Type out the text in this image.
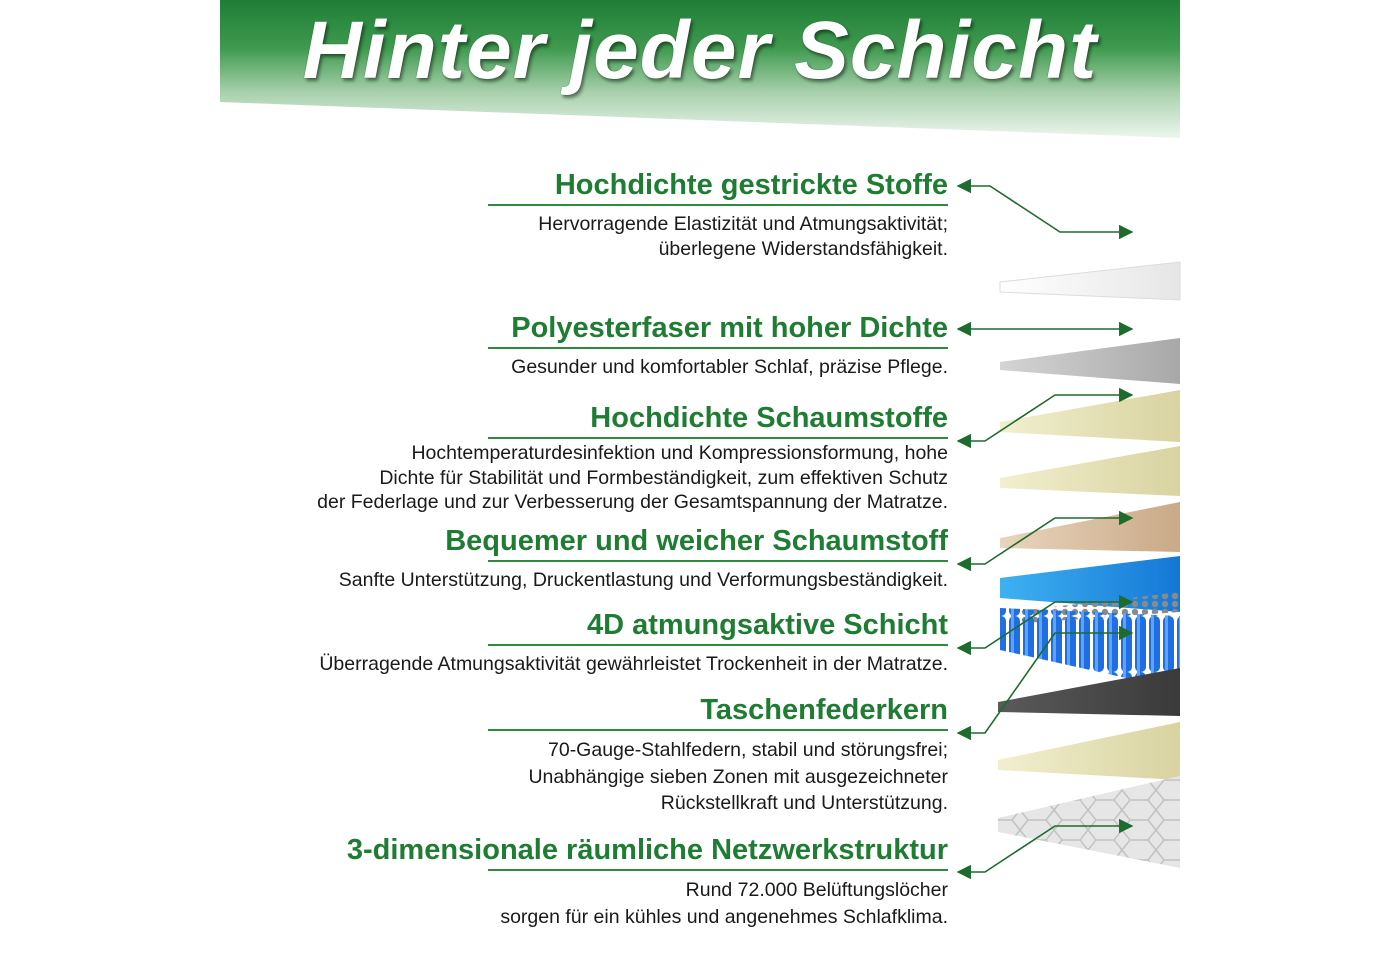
Hinter jeder Schicht
Hochdichte gestrickte Stoffe
Hervorragende Elastizität und Atmungsaktivität;
überlegene Widerstandsfähigkeit.
Polyesterfaser mit hoher Dichte
Gesunder und komfortabler Schlaf, präzise Pflege.
Hochdichte Schaumstoffe
Hochtemperaturdesinfektion und Kompressionsformung, hohe
Dichte für Stabilität und Formbeständigkeit, zum effektiven Schutz
der Federlage und zur Verbesserung der Gesamtspannung der Matratze.
Bequemer und weicher Schaumstoff
Sanfte Unterstützung, Druckentlastung und Verformungsbeständigkeit.
4D atmungsaktive Schicht
Überragende Atmungsaktivität gewährleistet Trockenheit in der Matratze.
Taschenfederkern
70-Gauge-Stahlfedern, stabil und störungsfrei;
Unabhängige sieben Zonen mit ausgezeichneter
Rückstellkraft und Unterstützung.
3-dimensionale räumliche Netzwerkstruktur
Rund 72.000 Belüftungslöcher
sorgen für ein kühles und angenehmes Schlafklima.
